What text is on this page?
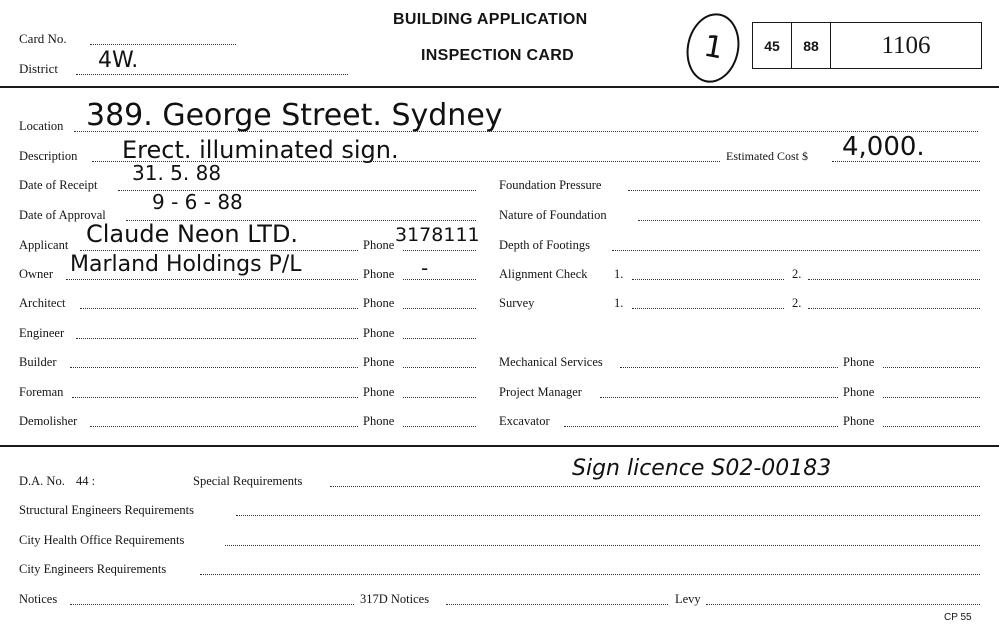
Card No.
District 4W.
BUILDING APPLICATION
INSPECTION CARD	1	45 88	1106
Location 389. George Street. Sydney
Description Erect. illuminated sign.
Date of Receipt 31. 5. 88
Date of Approval
9 - 6 - 88
Applicant Claude Neon LTD.	Phone 3178111
Owner Marland Holdings P/L	Phone -
Architect	Phone
Engineer	Phone
Builder	Phone
Foreman	Phone
Demolisher	Phone
Estimated Cost $ 4,000.
Foundation Pressure
Nature of Foundation
Depth of Footings
Alignment Check 1.	2.
Survey	1.	2.
Mechanical Services	Phone
Project Manager	Phone
Excavator	Phone
D.A. No. 44 :	Special Requirements	Sign licence S02-00183
Structural Engineers Requirements
City Health Office Requirements
City Engineers Requirements
Notices	317D Notices	Levy
CP 55
